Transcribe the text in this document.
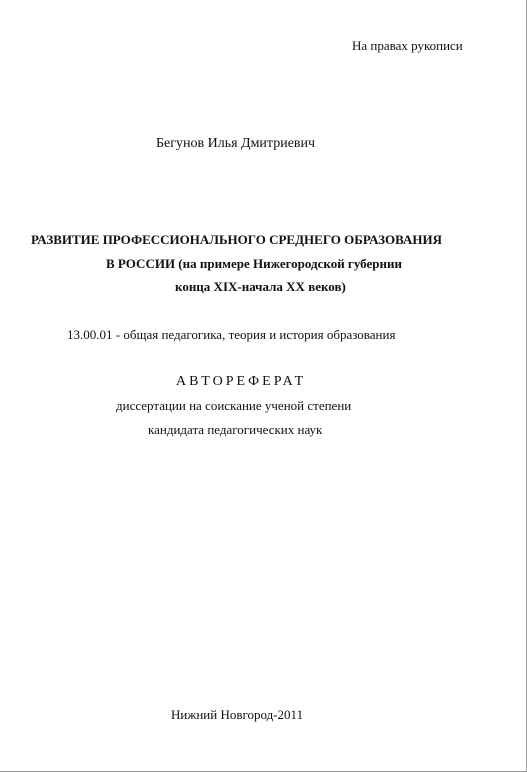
На правах рукописи
Бегунов Илья Дмитриевич
РАЗВИТИЕ ПРОФЕССИОНАЛЬНОГО СРЕДНЕГО ОБРАЗОВАНИЯ
В РОССИИ (на примере Нижегородской губернии
конца XIX-начала XX веков)
13.00.01 - общая педагогика, теория и история образования
АВТОРЕФЕРАТ
диссертации на соискание ученой степени
кандидата педагогических наук
Нижний Новгород-2011
